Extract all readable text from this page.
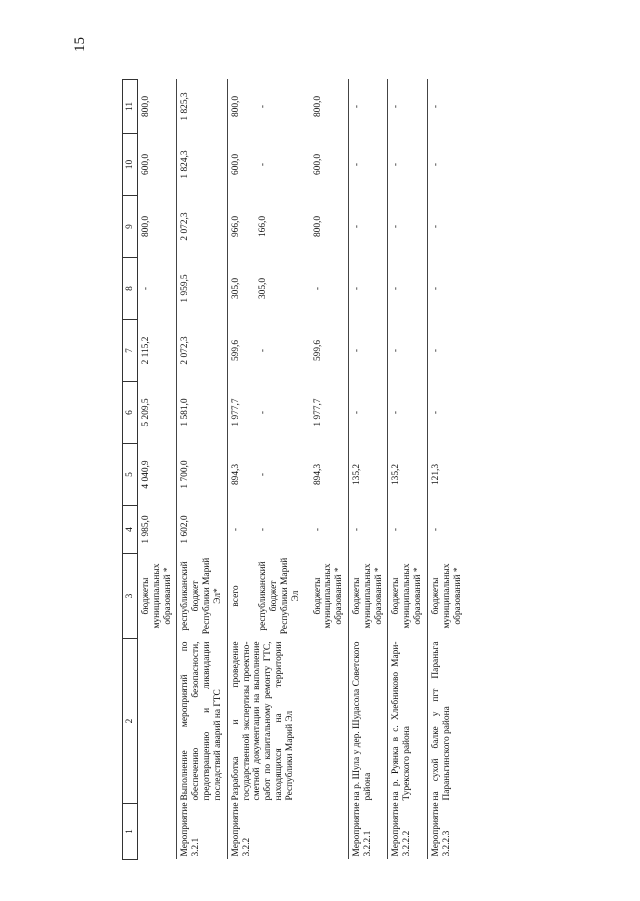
15
1	2	3	4	5	6	7	8	9	10	11
		бюджеты муниципальных образований *	1 985,0	4 040,9	5 209,5	2 115,2	-	800,0	600,0	800,0
Мероприятие 3.2.1	Выполнение мероприятий по обеспечению безопасности, предотвращению и ликвидации последствий аварий на ГТС	республиканский бюджет Республики Марий Эл*	1 602,0	1 700,0	1 581,0	2 072,3	1 959,5	2 072,3	1 824,3	1 825,3
Мероприятие 3.2.2	Разработка и проведение государственной экспертизы проектно-сметной документации на выполнение работ по капитальному ремонту ГТС, находящихся на территории Республики Марий Эл	всего	-	894,3	1 977,7	599,6	305,0	966,0	600,0	800,0
		республиканский бюджет Республики Марий Эл	-	-	-	-	305,0	166,0	-	-
		бюджеты муниципальных образований *	-	894,3	1 977,7	599,6	-	800,0	600,0	800,0
Мероприятие 3.2.2.1	на р. Шула у дер. Шудасола Советского района	бюджеты муниципальных образований *	-	135,2	-	-	-	-	-	-
Мероприятие 3.2.2.2	на р. Руянка в с. Хлебниково Мари-Турекского района	бюджеты муниципальных образований *	-	135,2	-	-	-	-	-	-
Мероприятие 3.2.2.3	на сухой балке у пгт Параньга Параньгинского района	бюджеты муниципальных образований *	-	121,3	-	-	-	-	-	-
